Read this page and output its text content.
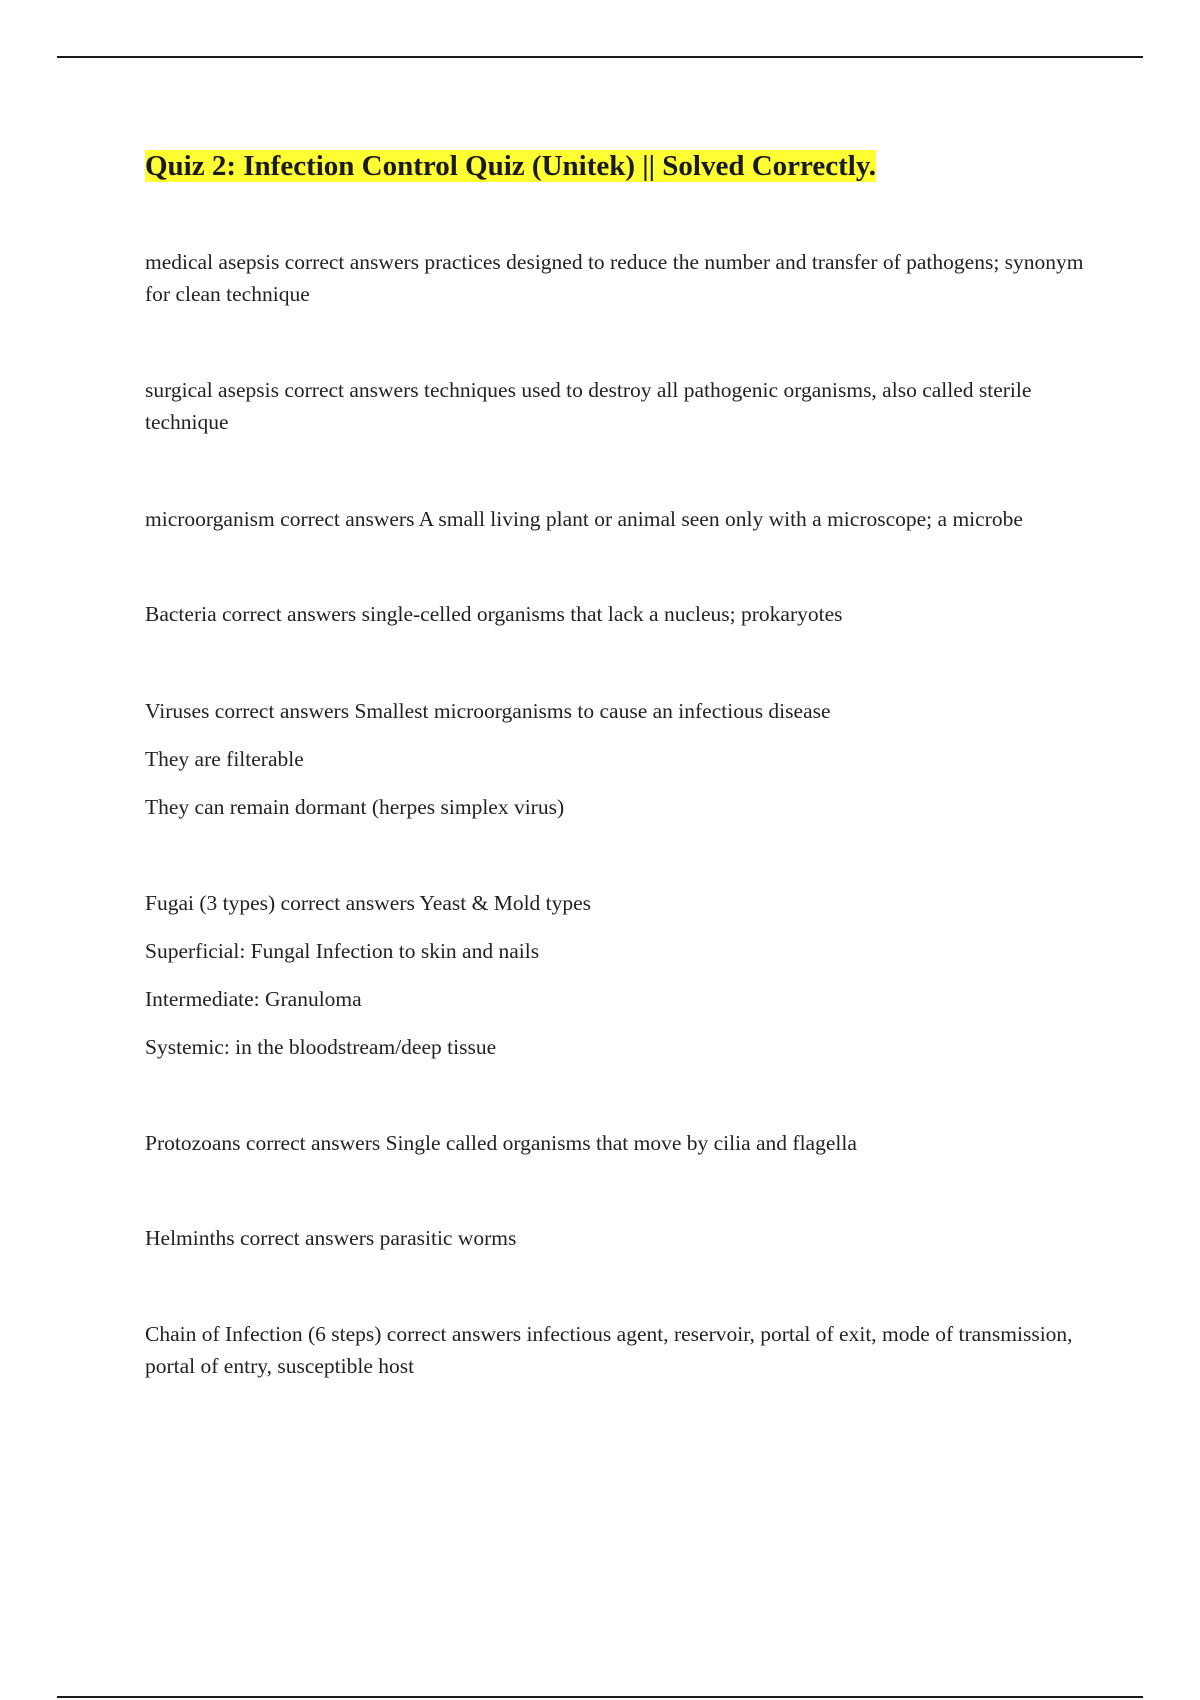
Quiz 2: Infection Control Quiz (Unitek) || Solved Correctly.

medical asepsis correct answers practices designed to reduce the number and transfer of pathogens; synonym for clean technique

surgical asepsis correct answers techniques used to destroy all pathogenic organisms, also called sterile technique

microorganism correct answers A small living plant or animal seen only with a microscope; a microbe

Bacteria correct answers single-celled organisms that lack a nucleus; prokaryotes

Viruses correct answers Smallest microorganisms to cause an infectious disease

They are filterable

They can remain dormant (herpes simplex virus)

Fugai (3 types) correct answers Yeast & Mold types

Superficial: Fungal Infection to skin and nails

Intermediate: Granuloma

Systemic: in the bloodstream/deep tissue

Protozoans correct answers Single called organisms that move by cilia and flagella

Helminths correct answers parasitic worms

Chain of Infection (6 steps) correct answers infectious agent, reservoir, portal of exit, mode of transmission, portal of entry, susceptible host
